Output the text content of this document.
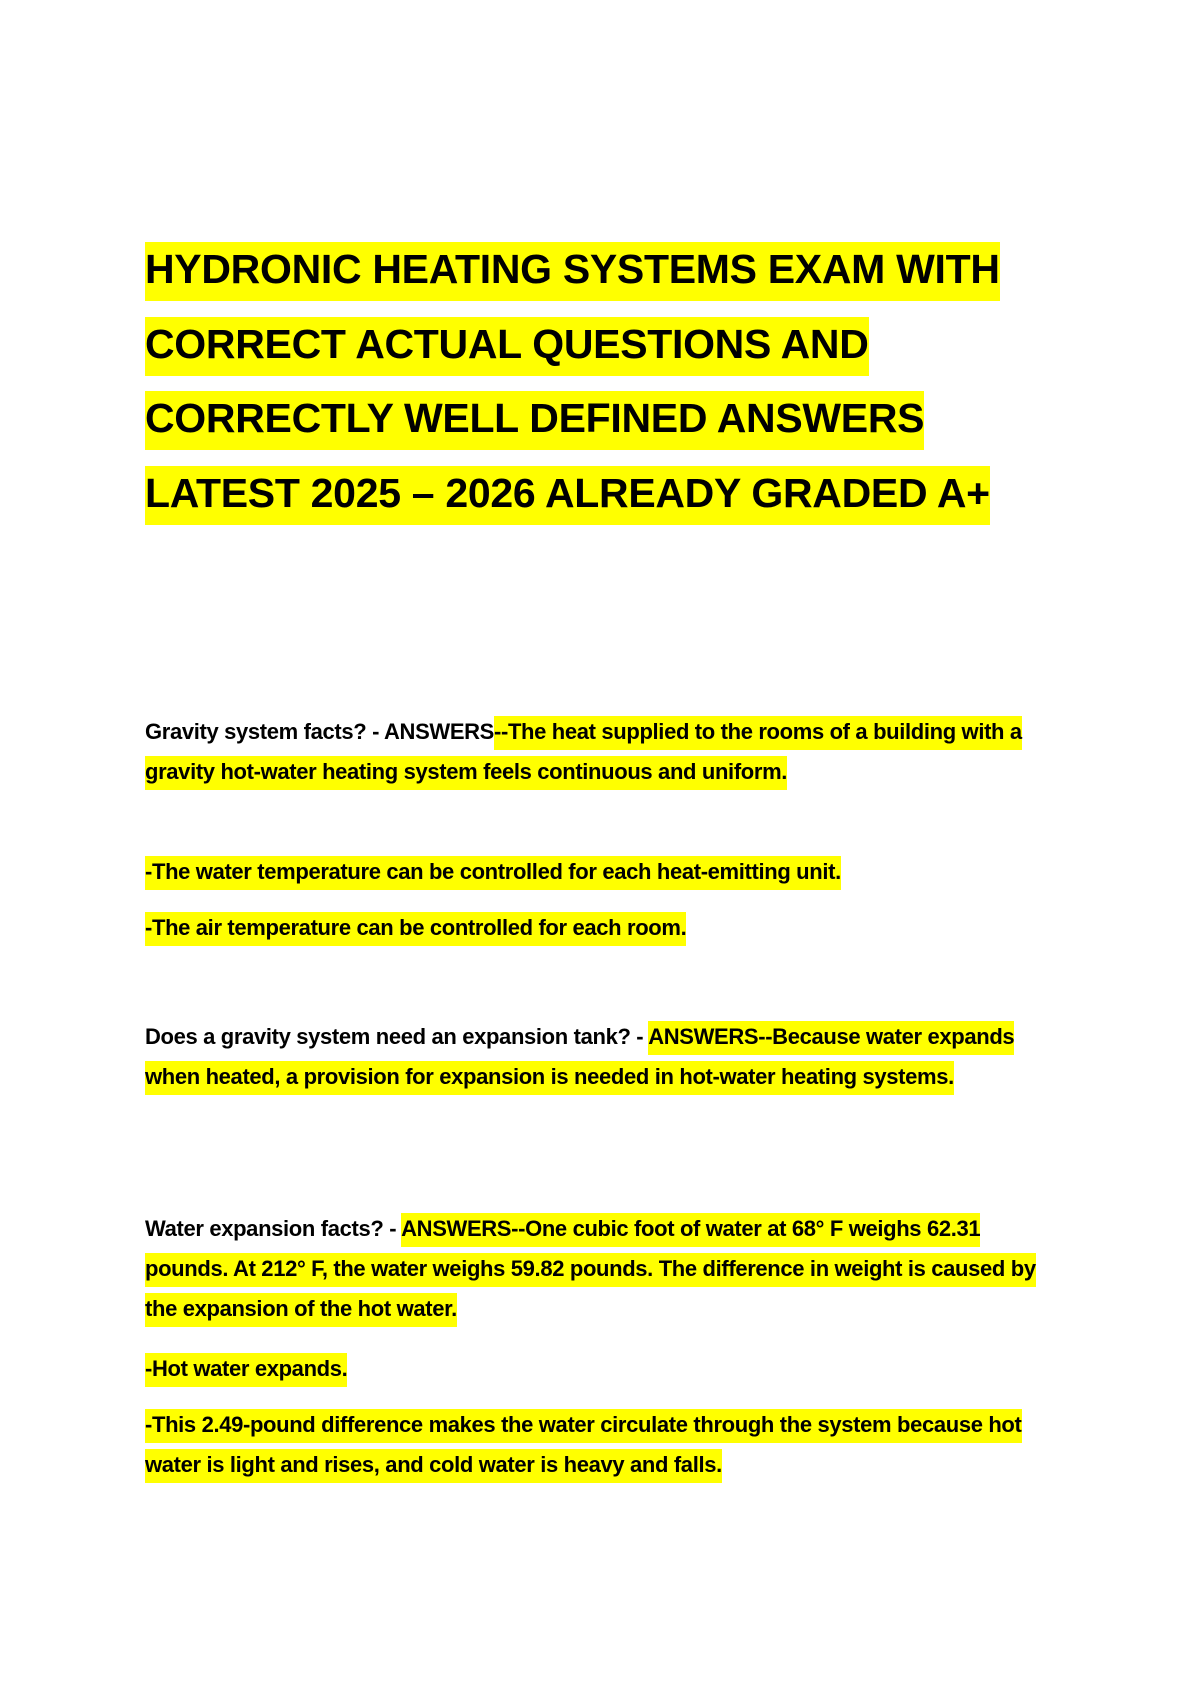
HYDRONIC HEATING SYSTEMS EXAM WITH CORRECT ACTUAL QUESTIONS AND CORRECTLY WELL DEFINED ANSWERS LATEST 2025 – 2026 ALREADY GRADED A+

Gravity system facts? - ANSWERS--The heat supplied to the rooms of a building with a gravity hot-water heating system feels continuous and uniform.

-The water temperature can be controlled for each heat-emitting unit.

-The air temperature can be controlled for each room.

Does a gravity system need an expansion tank? - ANSWERS--Because water expands when heated, a provision for expansion is needed in hot-water heating systems.

Water expansion facts? - ANSWERS--One cubic foot of water at 68° F weighs 62.31 pounds. At 212° F, the water weighs 59.82 pounds. The difference in weight is caused by the expansion of the hot water.

-Hot water expands.

-This 2.49-pound difference makes the water circulate through the system because hot water is light and rises, and cold water is heavy and falls.
